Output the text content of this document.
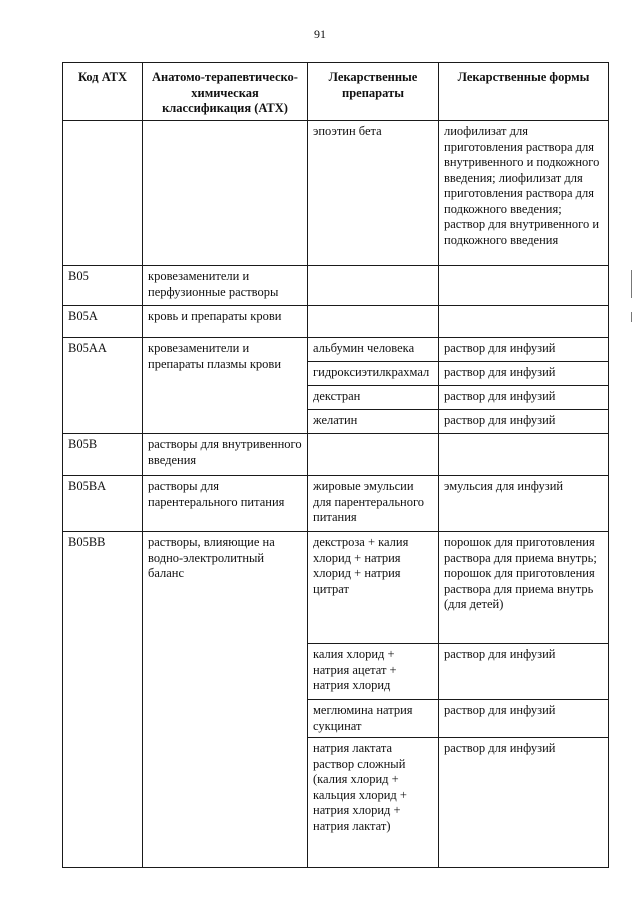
91
Код АТХ	Анатомо-терапевтическо-химическая классификация (АТХ)	Лекарственные препараты	Лекарственные формы
		эпоэтин бета	лиофилизат для приготовления раствора для внутривенного и подкожного введения; лиофилизат для приготовления раствора для подкожного введения; раствор для внутривенного и подкожного введения
B05	кровезаменители и перфузионные растворы		
B05A	кровь и препараты крови		
B05AA	кровезаменители и препараты плазмы крови	альбумин человека	раствор для инфузий
		гидроксиэтилкрахмал	раствор для инфузий
		декстран	раствор для инфузий
		желатин	раствор для инфузий
B05B	растворы для внутривенного введения		
B05BA	растворы для парентерального питания	жировые эмульсии для парентерального питания	эмульсия для инфузий
B05BB	растворы, влияющие на водно-электролитный баланс	декстроза + калия хлорид + натрия хлорид + натрия цитрат	порошок для приготовления раствора для приема внутрь; порошок для приготовления раствора для приема внутрь (для детей)
		калия хлорид + натрия ацетат + натрия хлорид	раствор для инфузий
		меглюмина натрия сукцинат	раствор для инфузий
		натрия лактата раствор сложный (калия хлорид + кальция хлорид + натрия хлорид + натрия лактат)	раствор для инфузий
